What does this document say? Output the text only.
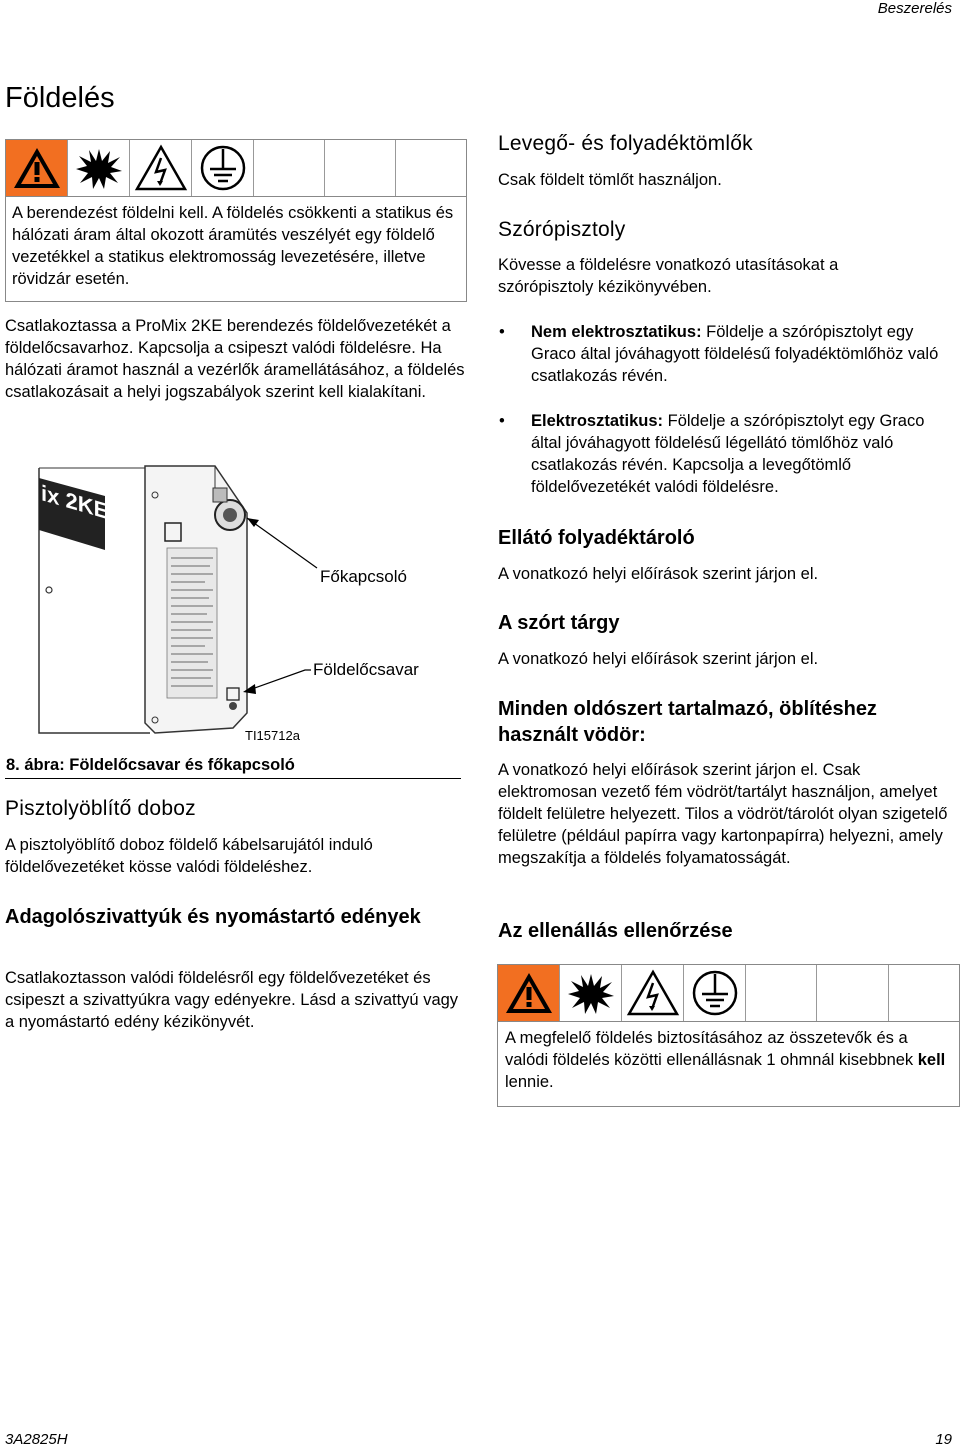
Beszerelés
Földelés
A berendezést földelni kell. A földelés csökkenti a statikus és hálózati áram által okozott áramütés veszélyét egy földelő vezetékkel a statikus elektromosság levezetésére, illetve rövidzár esetén.
Csatlakoztassa a ProMix 2KE berendezés földelővezetékét a földelőcsavarhoz. Kapcsolja a csipeszt valódi földelésre. Ha hálózati áramot használ a vezérlők áramellátásához, a földelés csatlakozásait a helyi jogszabályok szerint kell kialakítani.
ix 2KE
Főkapcsoló
Földelőcsavar
TI15712a
8. ábra: Földelőcsavar és főkapcsoló
Pisztolyöblítő doboz
A pisztolyöblítő doboz földelő kábelsarujától induló földelővezetéket kösse valódi földeléshez.
Adagolószivattyúk és nyomástartó edények
Csatlakoztasson valódi földelésről egy földelővezetéket és csipeszt a szivattyúkra vagy edényekre. Lásd a szivattyú vagy a nyomástartó edény kézikönyvét.
Levegő- és folyadéktömlők
Csak földelt tömlőt használjon.
Szórópisztoly
Kövesse a földelésre vonatkozó utasításokat a szórópisztoly kézikönyvében.
• Nem elektrosztatikus: Földelje a szórópisztolyt egy Graco által jóváhagyott földelésű folyadéktömlőhöz való csatlakozás révén.
• Elektrosztatikus: Földelje a szórópisztolyt egy Graco által jóváhagyott földelésű légellátó tömlőhöz való csatlakozás révén. Kapcsolja a levegőtömlő földelővezetékét valódi földelésre.
Ellátó folyadéktároló
A vonatkozó helyi előírások szerint járjon el.
A szórt tárgy
A vonatkozó helyi előírások szerint járjon el.
Minden oldószert tartalmazó, öblítéshez használt vödör:
A vonatkozó helyi előírások szerint járjon el. Csak elektromosan vezető fém vödröt/tartályt használjon, amelyet földelt felületre helyezett. Tilos a vödröt/tárolót olyan szigetelő felületre (például papírra vagy kartonpapírra) helyezni, amely megszakítja a földelés folyamatosságát.
Az ellenállás ellenőrzése
A megfelelő földelés biztosításához az összetevők és a valódi földelés közötti ellenállásnak 1 ohmnál kisebbnek kell lennie.
3A2825H	19
